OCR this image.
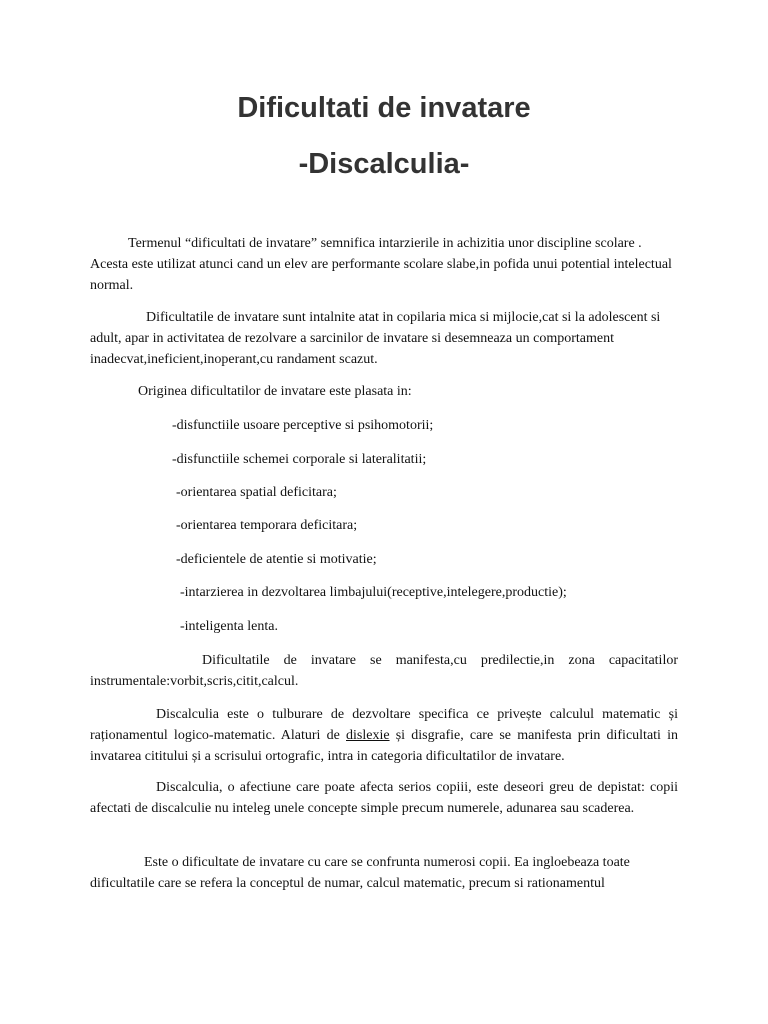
Dificultati de invatare
-Discalculia-

Termenul “dificultati de invatare” semnifica intarzierile in achizitia unor discipline scolare . Acesta este utilizat atunci cand un elev are performante scolare slabe,in pofida unui potential intelectual normal.

Dificultatile de invatare sunt intalnite atat in copilaria mica si mijlocie,cat si la adolescent si adult, apar in activitatea de rezolvare a sarcinilor de invatare si desemneaza un comportament inadecvat,ineficient,inoperant,cu randament scazut.

Originea dificultatilor de invatare este plasata in:

-disfunctiile usoare perceptive si psihomotorii;
-disfunctiile schemei corporale si lateralitatii;
-orientarea spatial deficitara;
-orientarea temporara deficitara;
-deficientele de atentie si motivatie;
-intarzierea in dezvoltarea limbajului(receptive,intelegere,productie);
-inteligenta lenta.

Dificultatile de invatare se manifesta,cu predilectie,in zona capacitatilor instrumentale:vorbit,scris,citit,calcul.

Discalculia este o tulburare de dezvoltare specifica ce privește calculul matematic și raționamentul logico-matematic. Alaturi de dislexie și disgrafie, care se manifesta prin dificultati in invatarea cititului și a scrisului ortografic, intra in categoria dificultatilor de invatare.

Discalculia, o afectiune care poate afecta serios copiii, este deseori greu de depistat: copii afectati de discalculie nu inteleg unele concepte simple precum numerele, adunarea sau scaderea.

Este o dificultate de invatare cu care se confrunta numerosi copii. Ea ingloebeaza toate dificultatile care se refera la conceptul de numar, calcul matematic, precum si rationamentul
